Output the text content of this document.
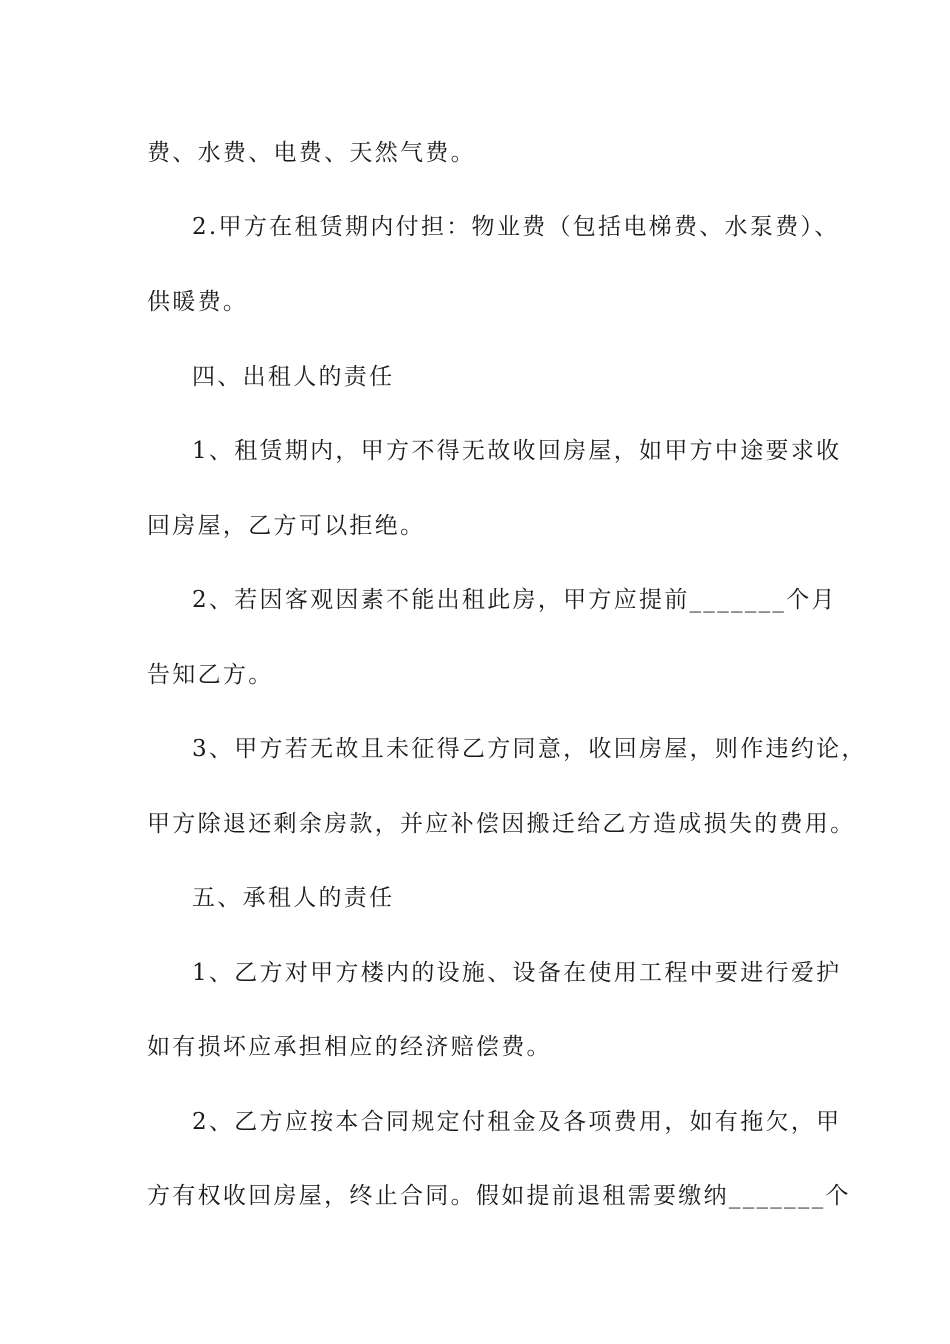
费、水费、电费、天然气费。
2.甲方在租赁期内付担：物业费（包括电梯费、水泵费）、
供暖费。
四、出租人的责任
1、租赁期内，甲方不得无故收回房屋，如甲方中途要求收
回房屋，乙方可以拒绝。
2、若因客观因素不能出租此房，甲方应提前_______个月
告知乙方。
3、甲方若无故且未征得乙方同意，收回房屋，则作违约论，
甲方除退还剩余房款，并应补偿因搬迁给乙方造成损失的费用。
五、承租人的责任
1、乙方对甲方楼内的设施、设备在使用工程中要进行爱护
如有损坏应承担相应的经济赔偿费。
2、乙方应按本合同规定付租金及各项费用，如有拖欠，甲
方有权收回房屋，终止合同。假如提前退租需要缴纳_______个
